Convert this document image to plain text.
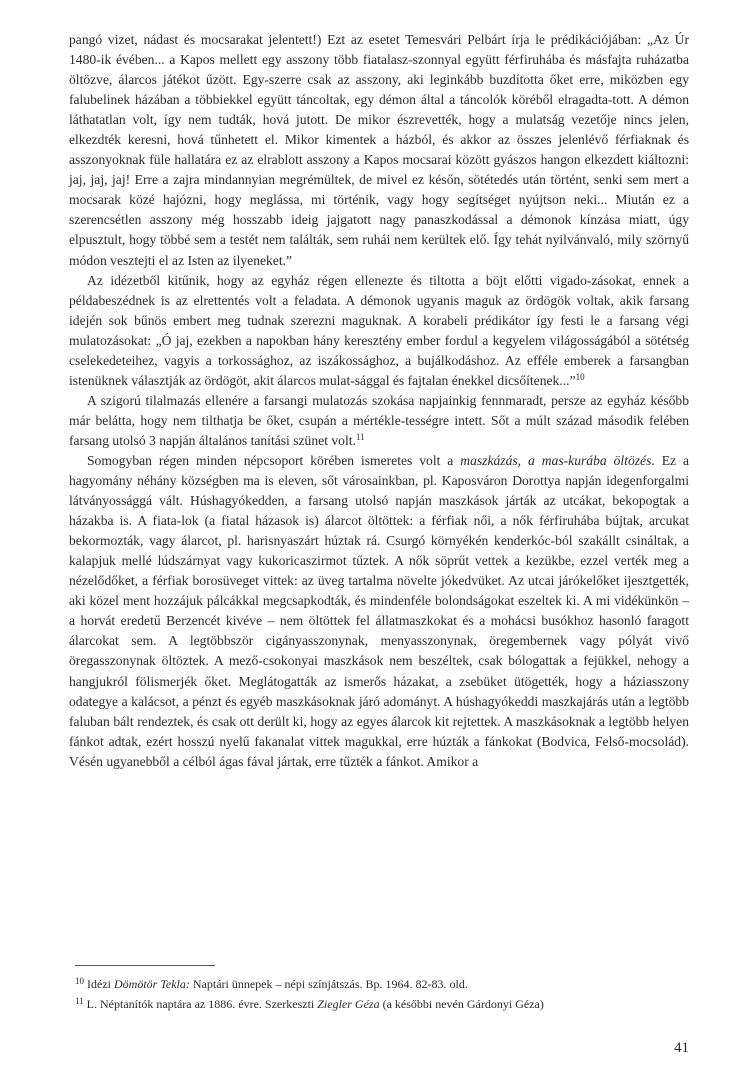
pangó vizet, nádast és mocsarakat jelentett!) Ezt az esetet Temesvári Pelbárt írja le prédikációjában: „Az Úr 1480-ik évében... a Kapos mellett egy asszony több fiatalasz-szonnyal együtt férfiruhába és másfajta ruházatba öltözve, álarcos játékot űzött. Egy-szerre csak az asszony, aki leginkább buzdította őket erre, miközben egy falubelinek házában a többiekkel együtt táncoltak, egy démon által a táncolók köréből elragadta-tott. A démon láthatatlan volt, így nem tudták, hová jutott. De mikor észrevették, hogy a mulatság vezetője nincs jelen, elkezdték keresni, hová tűnhetett el. Mikor kimentek a házból, és akkor az összes jelenlévő férfiaknak és asszonyoknak füle hallatára ez az elrablott asszony a Kapos mocsarai között gyászos hangon elkezdett kiáltozni: jaj, jaj, jaj! Erre a zajra mindannyian megrémültek, de mivel ez későn, sötétedés után történt, senki sem mert a mocsarak közé hajózni, hogy meglássa, mi történik, vagy hogy segítséget nyújtson neki... Miután ez a szerencsétlen asszony még hosszabb ideig jajgatott nagy panaszkodással a démonok kínzása miatt, úgy elpusztult, hogy többé sem a testét nem találták, sem ruhái nem kerültek elő. Így tehát nyilvánvaló, mily szörnyű módon vesztejti el az Isten az ilyeneket.”

Az idézetből kitűnik, hogy az egyház régen ellenezte és tiltotta a böjt előtti vigado-zásokat, ennek a példabeszédnek is az elrettentés volt a feladata. A démonok ugyanis maguk az ördögök voltak, akik farsang idején sok bűnös embert meg tudnak szerezni maguknak. A korabeli prédikátor így festi le a farsang végi mulatozásokat: „Ó jaj, ezekben a napokban hány keresztény ember fordul a kegyelem világosságából a sötétség cselekedeteihez, vagyis a torkossághoz, az iszákossághoz, a bujálkodáshoz. Az efféle emberek a farsangban istenüknek választják az ördögöt, akit álarcos mulat-sággal és fajtalan énekkel dicsőítenek...”$^{10}$

A szigorú tilalmazás ellenére a farsangi mulatozás szokása napjainkig fennmaradt, persze az egyház később már belátta, hogy nem tilthatja be őket, csupán a mértékle-tességre intett. Sőt a múlt század második felében farsang utolsó 3 napján általános tanítási szünet volt.$^{11}$

Somogyban régen minden népcsoport körében ismeretes volt a maszkázás, a mas-kurába öltözés. Ez a hagyomány néhány községben ma is eleven, sőt városainkban, pl. Kaposváron Dorottya napján idegenforgalmi látványossággá vált. Húshagyókedden, a farsang utolsó napján maszkások járták az utcákat, bekopogtak a házakba is. A fiata-lok (a fiatal házasok is) álarcot öltöttek: a férfiak női, a nők férfiruhába bújtak, arcukat bekormozták, vagy álarcot, pl. harisnyaszárt húztak rá. Csurgó környékén kenderkóc-ból szakállt csináltak, a kalapjuk mellé lúdszárnyat vagy kukoricaszirmot tűztek. A nők söprűt vettek a kezükbe, ezzel verték meg a nézelődőket, a férfiak borosüveget vittek: az üveg tartalma növelte jókedvüket. Az utcai járókelőket ijesztgették, aki közel ment hozzájuk pálcákkal megcsapkodták, és mindenféle bolondságokat eszeltek ki. A mi vidékünkön – a horvát eredetű Berzencét kivéve – nem öltöttek fel állatmaszkokat és a mohácsi busókhoz hasonló faragott álarcokat sem. A legtöbbször cigányasszonynak, menyasszonynak, öregembernek vagy pólyát vivő öregasszonynak öltöztek. A mező-csokonyai maszkások nem beszéltek, csak bólogattak a fejükkel, nehogy a hangjukról fölismerjék őket. Meglátogatták az ismerős házakat, a zsebüket ütögették, hogy a háziasszony odategye a kalácsot, a pénzt és egyéb maszkásoknak járó adományt. A húshagyókeddi maszkajárás után a legtöbb faluban bált rendeztek, és csak ott derült ki, hogy az egyes álarcok kit rejtettek. A maszkásoknak a legtöbb helyen fánkot adtak, ezért hosszú nyelű fakanalat vittek magukkal, erre húzták a fánkokat (Bodvica, Felső-mocsolád). Vésén ugyanebből a célból ágas fával jártak, erre tűzték a fánkot. Amikor a

$^{10}$ Idézi Dömötör Tekla: Naptári ünnepek – népi színjátszás. Bp. 1964. 82-83. old.

$^{11}$ L. Néptanítók naptára az 1886. évre. Szerkeszti Ziegler Géza (a későbbi nevén Gárdonyi Géza)

41
